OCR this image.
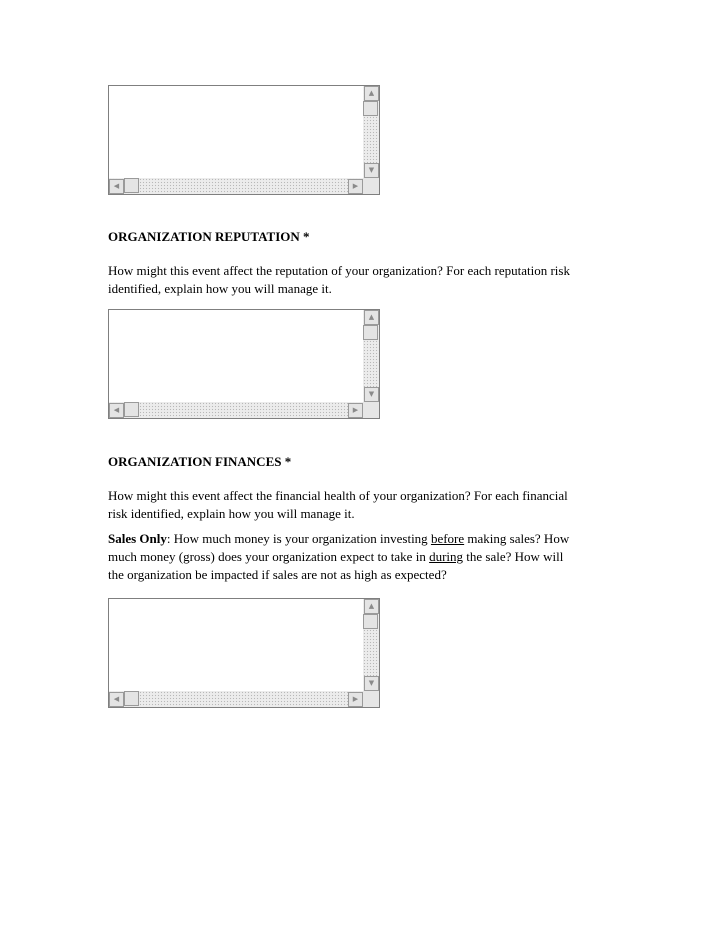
▲
▼
◀	▶

ORGANIZATION REPUTATION *

How might this event affect the reputation of your organization? For each reputation risk
identified, explain how you will manage it.

▲
▼
◀	▶

ORGANIZATION FINANCES *

How might this event affect the financial health of your organization? For each financial
risk identified, explain how you will manage it.

Sales Only: How much money is your organization investing before making sales? How
much money (gross) does your organization expect to take in during the sale? How will
the organization be impacted if sales are not as high as expected?

▲
▼
◀	▶
